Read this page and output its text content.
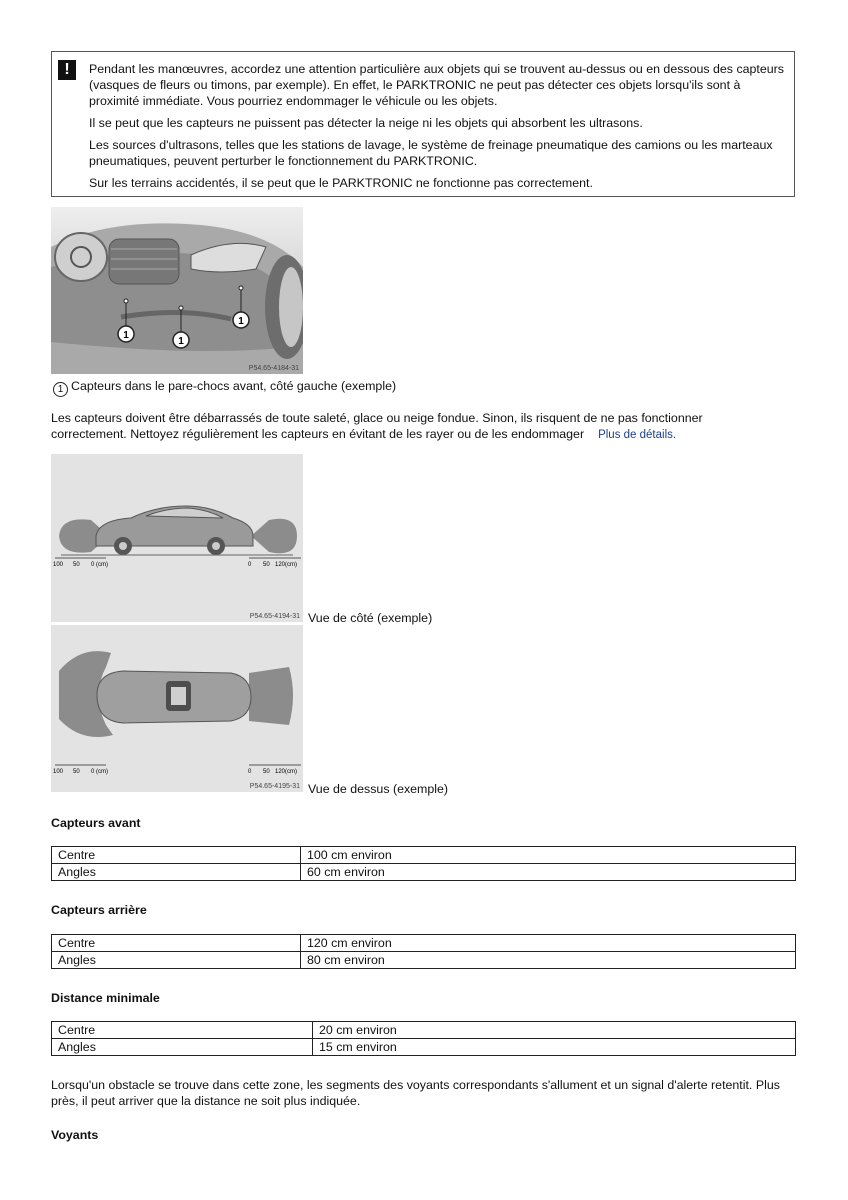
!	Pendant les manœuvres, accordez une attention particulière aux objets qui se trouvent au-dessus ou en dessous des capteurs (vasques de fleurs ou timons, par exemple). En effet, le PARKTRONIC ne peut pas détecter ces objets lorsqu'ils sont à proximité immédiate. Vous pourriez endommager le véhicule ou les objets.

Il se peut que les capteurs ne puissent pas détecter la neige ni les objets qui absorbent les ultrasons.

Les sources d'ultrasons, telles que les stations de lavage, le système de freinage pneumatique des camions ou les marteaux pneumatiques, peuvent perturber le fonctionnement du PARKTRONIC.

Sur les terrains accidentés, il se peut que le PARKTRONIC ne fonctionne pas correctement.

1
1
1
P54.65-4184-31
1 Capteurs dans le pare-chocs avant, côté gauche (exemple)
Les capteurs doivent être débarrassés de toute saleté, glace ou neige fondue. Sinon, ils risquent de ne pas fonctionner correctement. Nettoyez régulièrement les capteurs en évitant de les rayer ou de les endommager Plus de détails.
100 50 0 (cm)	0 50 120(cm)
P54.65-4194-31 Vue de côté (exemple)
100 50 0 (cm)	0 50 120(cm)
P54.65-4195-31 Vue de dessus (exemple)
Capteurs avant
Centre	100 cm environ
Angles	60 cm environ
Capteurs arrière
Centre	120 cm environ
Angles	80 cm environ
Distance minimale
Centre	20 cm environ
Angles	15 cm environ
Lorsqu'un obstacle se trouve dans cette zone, les segments des voyants correspondants s'allument et un signal d'alerte retentit. Plus près, il peut arriver que la distance ne soit plus indiquée.
Voyants
